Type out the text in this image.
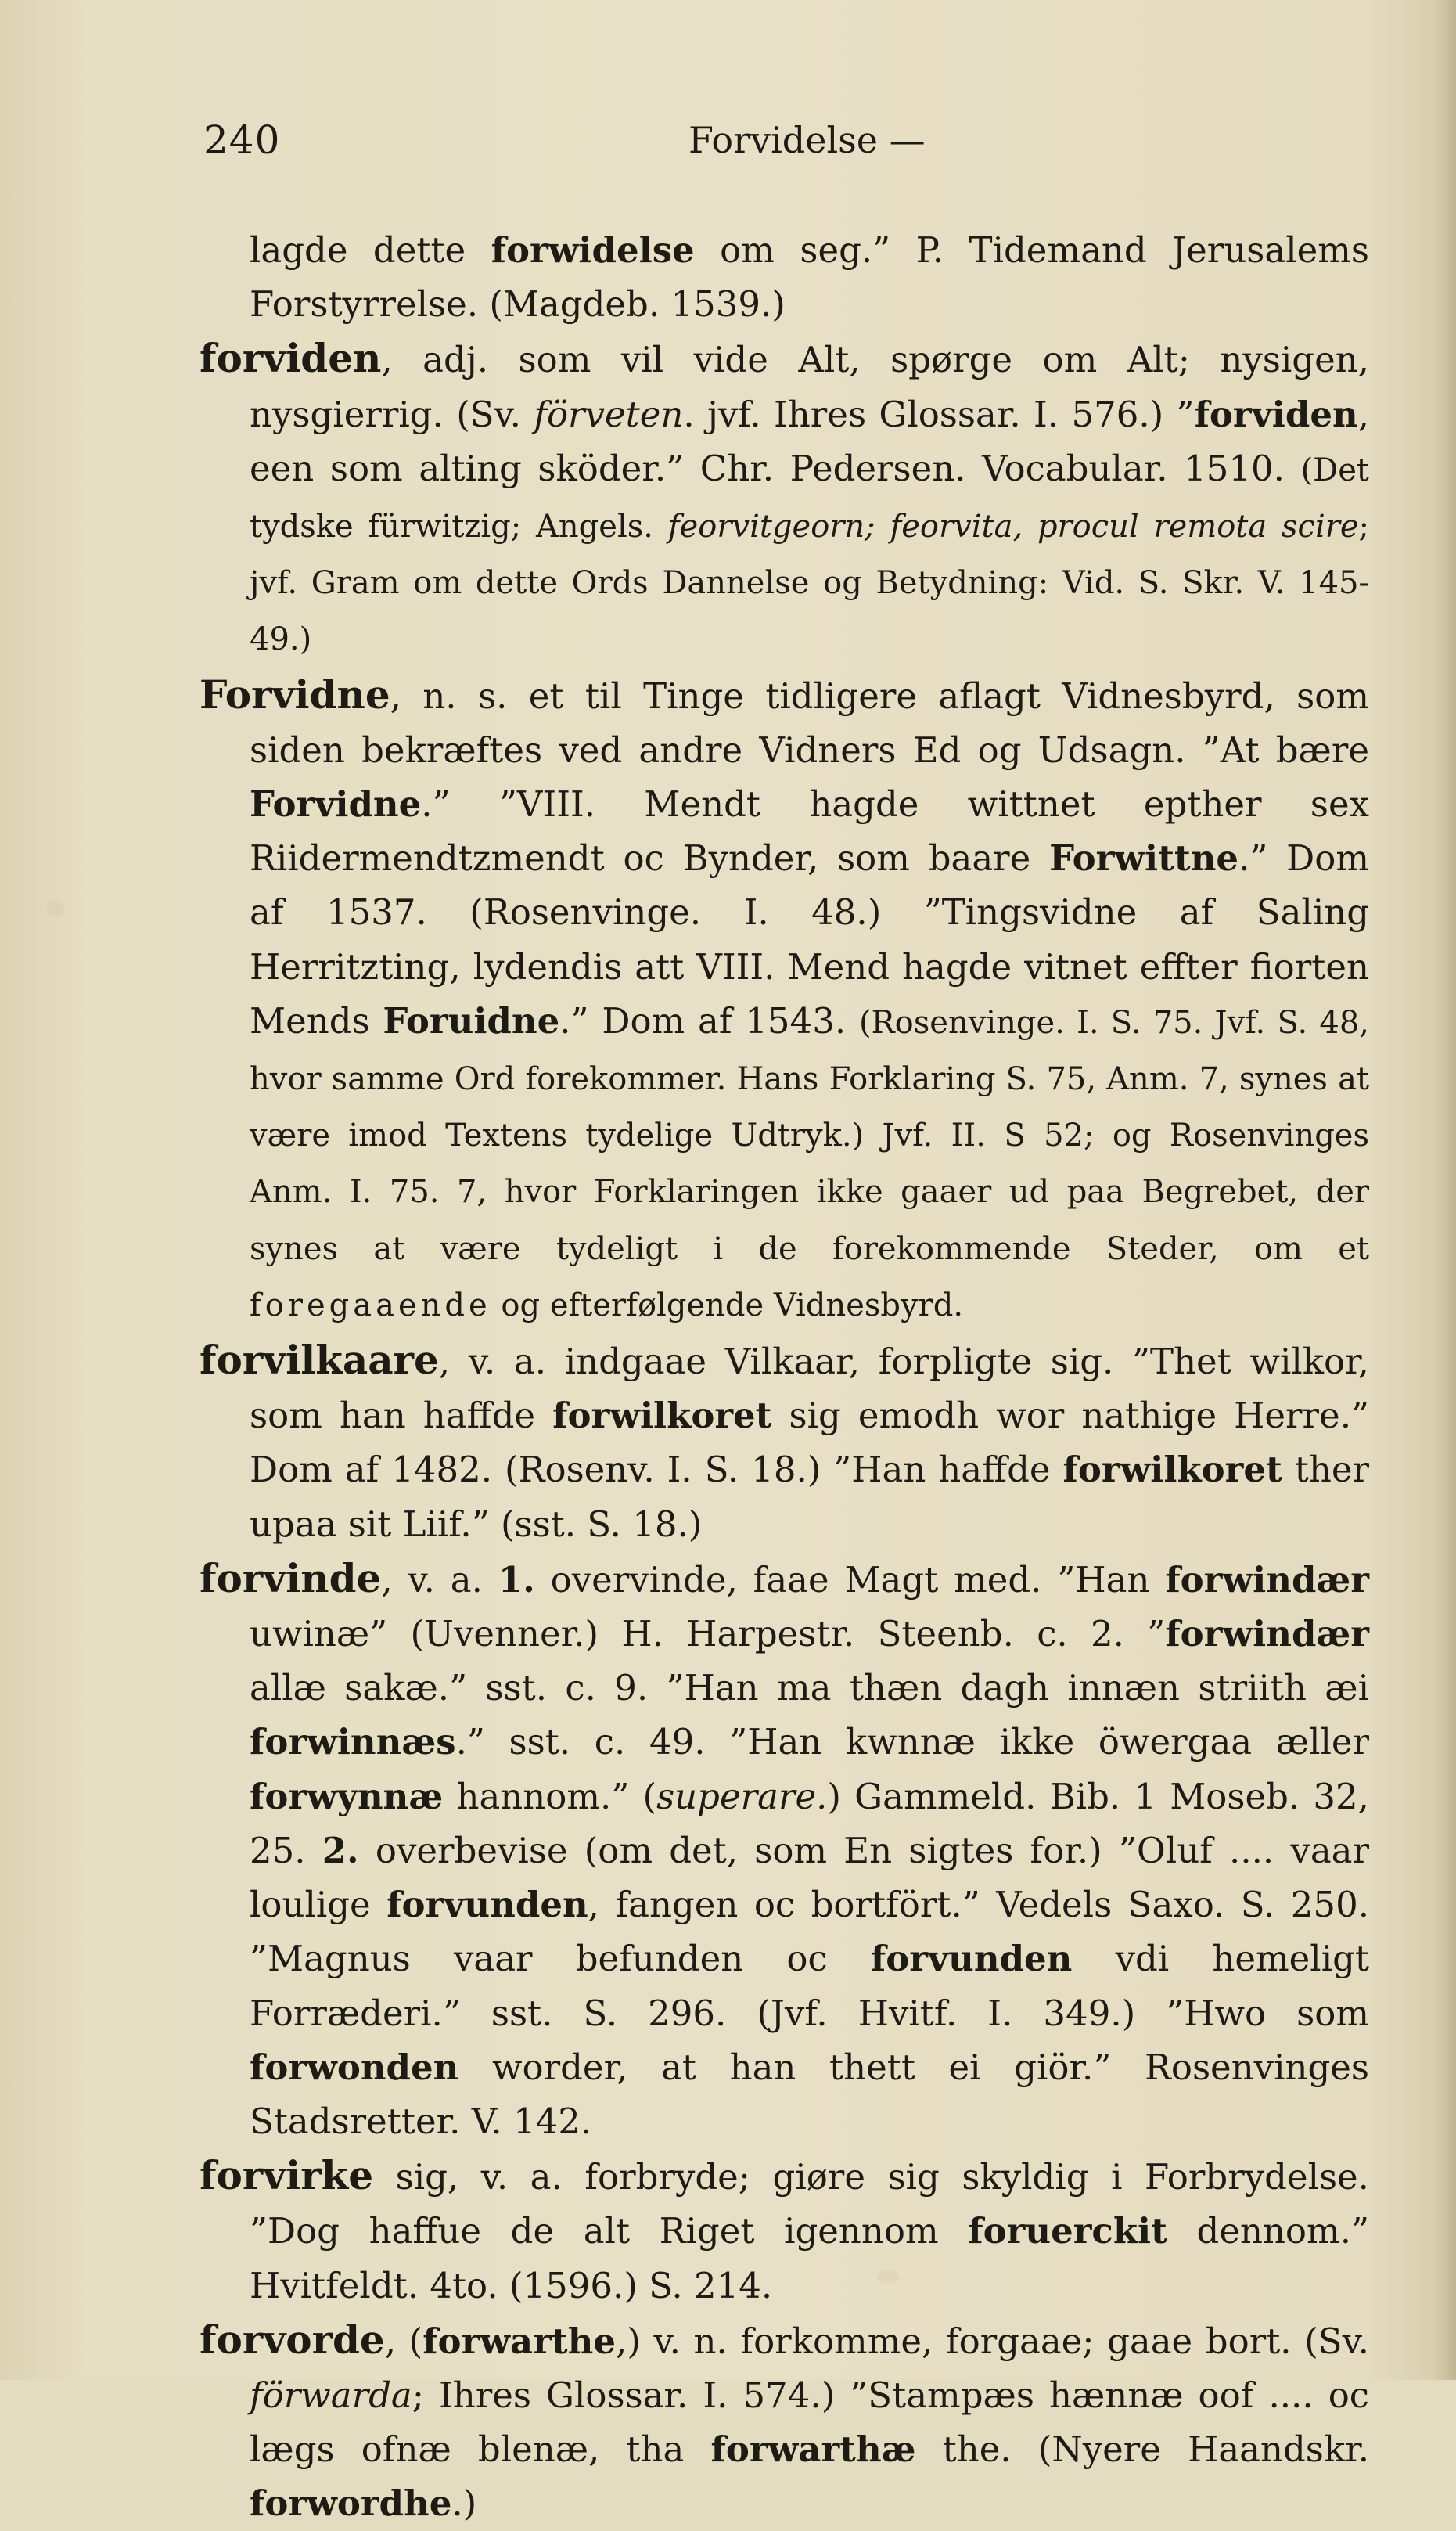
240	Forvidelse —

lagde dette forwidelse om seg.” P. Tidemand Jerusalems Forstyrrelse. (Magdeb. 1539.)

forviden, adj. som vil vide Alt, spørge om Alt; nysigen, nysgierrig. (Sv. förveten. jvf. Ihres Glossar. I. 576.) ”forviden, een som alting sköder.” Chr. Pedersen. Vocabular. 1510. (Det tydske fürwitzig; Angels. feorvitgeorn; feorvita, procul remota scire; jvf. Gram om dette Ords Dannelse og Betydning: Vid. S. Skr. V. 145-49.)

Forvidne, n. s. et til Tinge tidligere aflagt Vidnesbyrd, som siden bekræftes ved andre Vidners Ed og Udsagn. ”At bære Forvidne.” ”VIII. Mendt hagde wittnet epther sex Riidermendtzmendt oc Bynder, som baare Forwittne.” Dom af 1537. (Rosenvinge. I. 48.) ”Tingsvidne af Saling Herritzting, lydendis att VIII. Mend hagde vitnet effter fiorten Mends Foruidne.” Dom af 1543. (Rosenvinge. I. S. 75. Jvf. S. 48, hvor samme Ord forekommer. Hans Forklaring S. 75, Anm. 7, synes at være imod Textens tydelige Udtryk.) Jvf. II. S 52; og Rosenvinges Anm. I. 75. 7, hvor Forklaringen ikke gaaer ud paa Begrebet, der synes at være tydeligt i de forekommende Steder, om et foregaaende og efterfølgende Vidnesbyrd.

forvilkaare, v. a. indgaae Vilkaar, forpligte sig. ”Thet wilkor, som han haffde forwilkoret sig emodh wor nathige Herre.” Dom af 1482. (Rosenv. I. S. 18.) ”Han haffde forwilkoret ther upaa sit Liif.” (sst. S. 18.)

forvinde, v. a. 1. overvinde, faae Magt med. ”Han forwindær uwinæ” (Uvenner.) H. Harpestr. Steenb. c. 2. ”forwindær allæ sakæ.” sst. c. 9. ”Han ma thæn dagh innæn striith æi forwinnæs.” sst. c. 49. ”Han kwnnæ ikke öwergaa æller forwynnæ hannom.” (superare.) Gammeld. Bib. 1 Moseb. 32, 25. 2. overbevise (om det, som En sigtes for.) ”Oluf .... vaar loulige forvunden, fangen oc bortfört.” Vedels Saxo. S. 250. ”Magnus vaar befunden oc forvunden vdi hemeligt Forræderi.” sst. S. 296. (Jvf. Hvitf. I. 349.) ”Hwo som forwonden worder, at han thett ei giör.” Rosenvinges Stadsretter. V. 142.

forvirke sig, v. a. forbryde; giøre sig skyldig i Forbrydelse. ”Dog haffue de alt Riget igennom foruerckit dennom.” Hvitfeldt. 4to. (1596.) S. 214.

forvorde, (forwarthe,) v. n. forkomme, forgaae; gaae bort. (Sv. förwarda; Ihres Glossar. I. 574.) ”Stampæs hænnæ oof .... oc lægs ofnæ blenæ, tha forwarthæ the. (Nyere Haandskr. forwordhe.)
